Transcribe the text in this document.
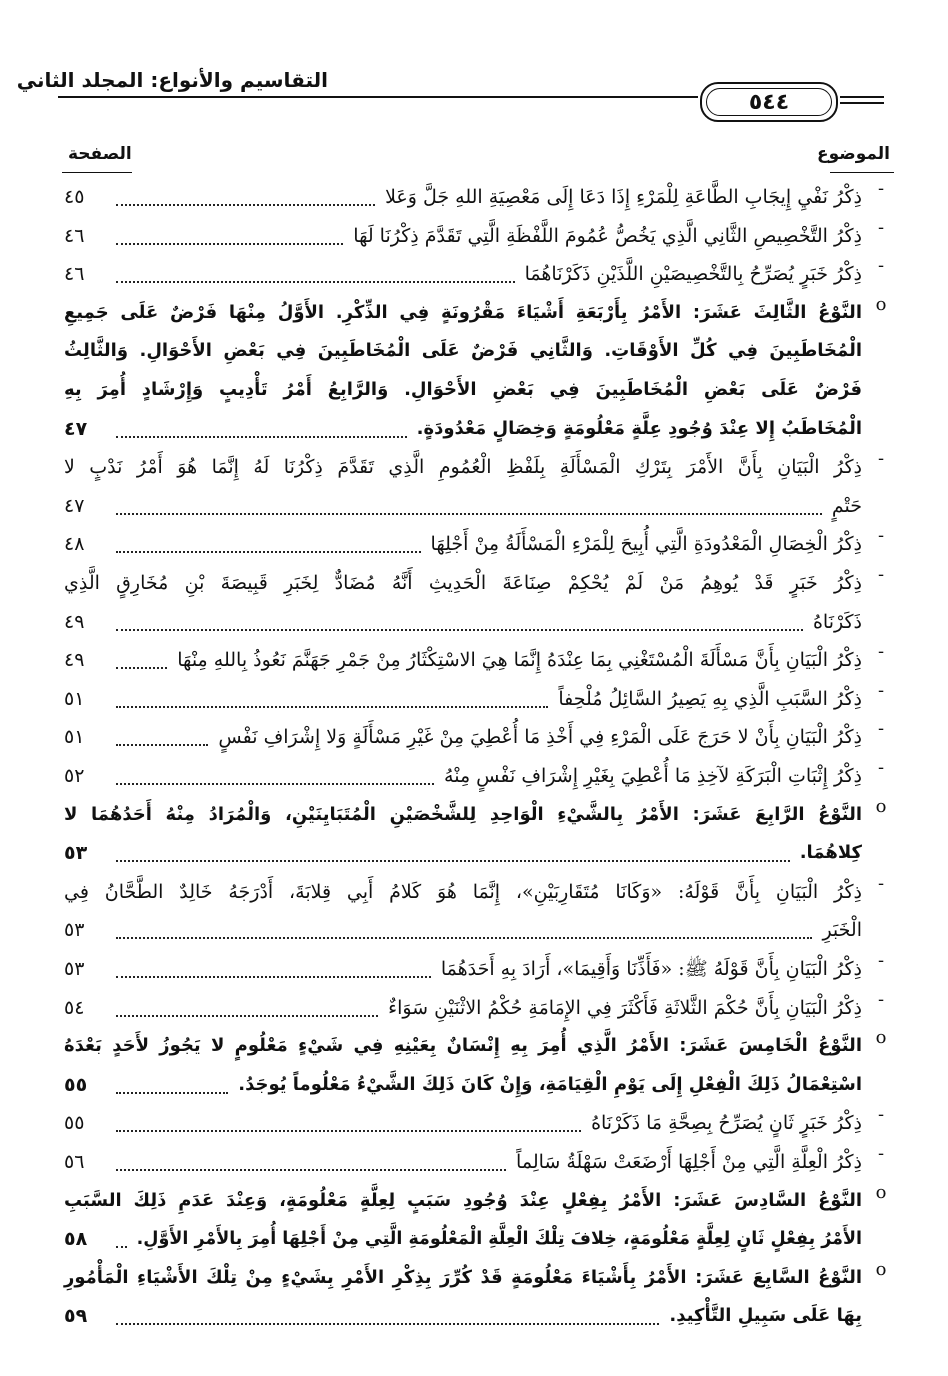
التقاسيم والأنواع: المجلد الثاني
٥٤٤
الموضوع
الصفحة
-
ذِكْرُ نَفْيِ إِيجَابِ الطَّاعَةِ لِلْمَرْءِ إِذَا دَعَا إِلَى مَعْصِيَةِ اللهِ جَلَّ وَعَلا
٤٥
-
ذِكْرُ التَّخْصِيصِ الثَّانِي الَّذِي يَخُصُّ عُمُومَ اللَّفْظَةِ الَّتِي تَقَدَّمَ ذِكْرُنَا لَهَا
٤٦
-
ذِكْرُ خَبَرٍ يُصَرِّحُ بِالتَّخْصِيصَيْنِ اللَّذَيْنِ ذَكَرْنَاهُمَا
٤٦
ο
النَّوْعُ الثَّالِثَ عَشَرَ: الأَمْرُ بِأَرْبَعَةِ أَشْيَاءَ مَقْرُونَةٍ فِي الذِّكْرِ. الأَوَّلُ مِنْهَا فَرْضٌ عَلَى جَمِيعِ
الْمُخَاطَبِينَ فِي كُلِّ الأَوْقَاتِ. وَالثَّانِي فَرْضٌ عَلَى الْمُخَاطَبِينَ فِي بَعْضِ الأَحْوَالِ. وَالثَّالِثُ
فَرْضٌ عَلَى بَعْضِ الْمُخَاطَبِينَ فِي بَعْضِ الأَحْوَالِ. وَالرَّابِعُ أَمْرُ تَأْدِيبٍ وَإِرْشَادٍ أُمِرَ بِهِ
الْمُخَاطَبُ إِلا عِنْدَ وُجُودِ عِلَّةٍ مَعْلُومَةٍ وَخِصَالٍ مَعْدُودَةٍ.
٤٧
-
ذِكْرُ الْبَيَانِ بِأَنَّ الأَمْرَ بِتَرْكِ الْمَسْأَلَةِ بِلَفْظِ الْعُمُومِ الَّذِي تَقَدَّمَ ذِكْرُنَا لَهُ إِنَّمَا هُوَ أَمْرُ نَدْبٍ لا
حَتْمٍ
٤٧
-
ذِكْرُ الْخِصَالِ الْمَعْدُودَةِ الَّتِي أُبِيحَ لِلْمَرْءِ الْمَسْأَلَةُ مِنْ أَجْلِهَا
٤٨
-
ذِكْرُ خَبَرٍ قَدْ يُوهِمُ مَنْ لَمْ يُحْكِمْ صِنَاعَةَ الْحَدِيثِ أَنَّهُ مُضَادٌّ لِخَبَرِ قَبِيصَةَ بْنِ مُخَارِقٍ الَّذِي
ذَكَرْنَاهُ
٤٩
-
ذِكْرُ الْبَيَانِ بِأَنَّ مَسْأَلَةَ الْمُسْتَغْنِي بِمَا عِنْدَهُ إِنَّمَا هِيَ الاسْتِكْثَارُ مِنْ جَمْرِ جَهَنَّمَ نَعُوذُ بِاللهِ مِنْهَا
٤٩
-
ذِكْرُ السَّبَبِ الَّذِي بِهِ يَصِيرُ السَّائِلُ مُلْحِفاً
٥١
-
ذِكْرُ الْبَيَانِ بِأَنْ لا حَرَجَ عَلَى الْمَرْءِ فِي أَخْذِ مَا أُعْطِيَ مِنْ غَيْرِ مَسْأَلَةٍ وَلا إِشْرَافِ نَفْسٍ
٥١
-
ذِكْرُ إِثْبَاتِ الْبَرَكَةِ لآخِذِ مَا أُعْطِيَ بِغَيْرِ إِشْرَافِ نَفْسٍ مِنْهُ
٥٢
ο
النَّوْعُ الرَّابِعَ عَشَرَ: الأَمْرُ بِالشَّيْءِ الْوَاحِدِ لِلشَّخْصَيْنِ الْمُتَبَايِنَيْنِ، وَالْمُرَادُ مِنْهُ أَحَدُهُمَا لا
كِلاهُمَا.
٥٣
-
ذِكْرُ الْبَيَانِ بِأَنَّ قَوْلَهُ: «وَكَانَا مُتَقَارِبَيْنِ»، إِنَّمَا هُوَ كَلامُ أَبِي قِلابَةَ، أَدْرَجَهُ خَالِدٌ الطَّحَّانُ فِي
الْخَبَرِ
٥٣
-
ذِكْرُ الْبَيَانِ بِأَنَّ قَوْلَهُ ﷺ: «فَأَذِّنَا وَأَقِيمَا»، أَرَادَ بِهِ أَحَدَهُمَا
٥٣
-
ذِكْرُ الْبَيَانِ بِأَنَّ حُكْمَ الثَّلاثَةِ فَأَكْثَرَ فِي الإِمَامَةِ حُكْمُ الاثْنَيْنِ سَوَاءٌ
٥٤
ο
النَّوْعُ الْخَامِسَ عَشَرَ: الأَمْرُ الَّذِي أُمِرَ بِهِ إِنْسَانٌ بِعَيْنِهِ فِي شَيْءٍ مَعْلُومٍ لا يَجُوزُ لأَحَدٍ بَعْدَهُ
اسْتِعْمَالُ ذَلِكَ الْفِعْلِ إِلَى يَوْمِ الْقِيَامَةِ، وَإِنْ كَانَ ذَلِكَ الشَّيْءُ مَعْلُوماً يُوجَدُ.
٥٥
-
ذِكْرُ خَبَرٍ ثَانٍ يُصَرِّحُ بِصِحَّةِ مَا ذَكَرْنَاهُ
٥٥
-
ذِكْرُ الْعِلَّةِ الَّتِي مِنْ أَجْلِهَا أَرْضَعَتْ سَهْلَةُ سَالِماً
٥٦
ο
النَّوْعُ السَّادِسَ عَشَرَ: الأَمْرُ بِفِعْلٍ عِنْدَ وُجُودِ سَبَبٍ لِعِلَّةٍ مَعْلُومَةٍ، وَعِنْدَ عَدَمِ ذَلِكَ السَّبَبِ
الأَمْرُ بِفِعْلٍ ثَانٍ لِعِلَّةٍ مَعْلُومَةٍ، خِلافَ تِلْكَ الْعِلَّةِ الْمَعْلُومَةِ الَّتِي مِنْ أَجْلِهَا أُمِرَ بِالأَمْرِ الأَوَّلِ.
٥٨
ο
النَّوْعُ السَّابِعَ عَشَرَ: الأَمْرُ بِأَشْيَاءَ مَعْلُومَةٍ قَدْ كُرِّرَ بِذِكْرِ الأَمْرِ بِشَيْءٍ مِنْ تِلْكَ الأَشْيَاءِ الْمَأْمُورِ
بِهَا عَلَى سَبِيلِ التَّأْكِيدِ.
٥٩
